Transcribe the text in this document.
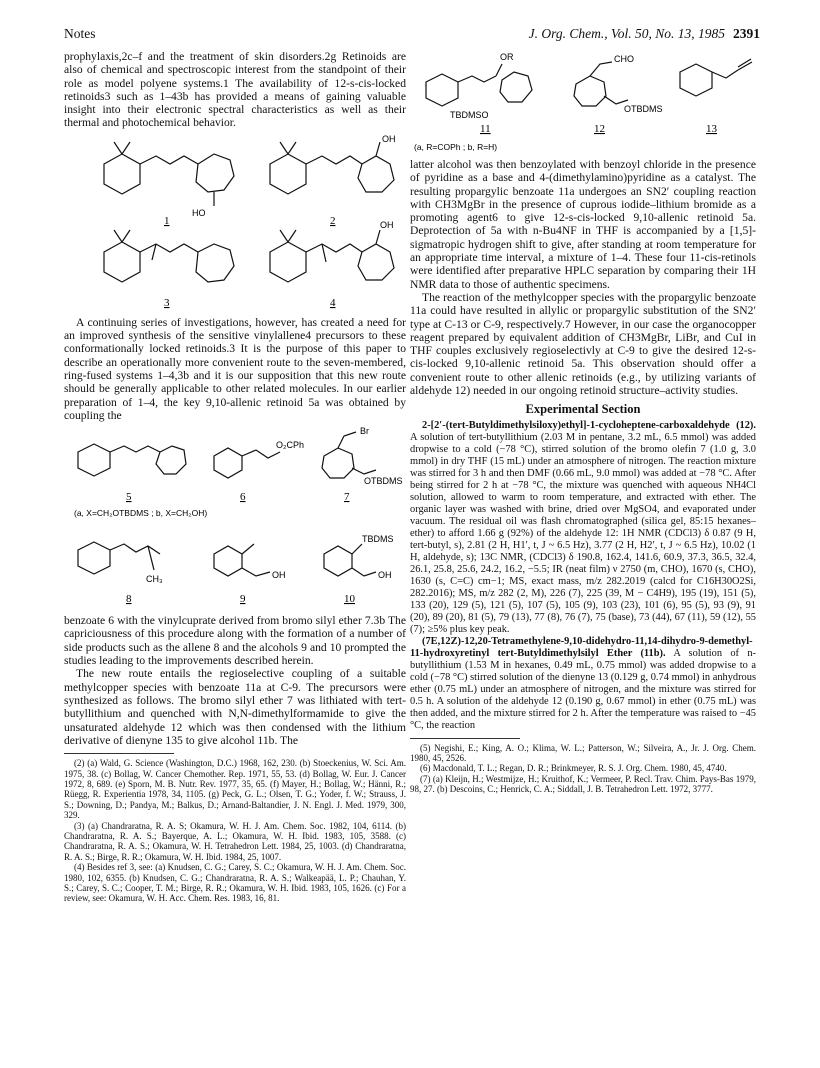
Notes	J. Org. Chem., Vol. 50, No. 13, 1985 2391

prophylaxis,2c–f and the treatment of skin disorders.2g Retinoids are also of chemical and spectroscopic interest from the standpoint of their role as model polyene systems.1 The availability of 12-s-cis-locked retinoids3 such as 1–43b has provided a means of gaining valuable insight into their electronic spectral characteristics as well as their thermal and photochemical behavior.

HO
OH
OH
1	2
3	4

A continuing series of investigations, however, has created a need for an improved synthesis of the sensitive vinylallene4 precursors to these conformationally locked retinoids.3 It is the purpose of this paper to describe an operationally more convenient route to the seven-membered, ring-fused systems 1–4,3b and it is our supposition that this new route should be generally applicable to other related molecules. In our earlier preparation of 1–4, the key 9,10-allenic retinoid 5a was obtained by coupling the

O₂CPh
Br
OTBDMS
5	6	7
(a, X=CH₂OTBDMS ; b, X=CH₂OH)
CH₃	OH
TBDMS
OH
8	9	10

benzoate 6 with the vinylcuprate derived from bromo silyl ether 7.3b The capriciousness of this procedure along with the formation of a number of side products such as the allene 8 and the alcohols 9 and 10 prompted the studies leading to the improvements described herein.

The new route entails the regioselective coupling of a suitable methylcopper species with benzoate 11a at C-9. The precursors were synthesized as follows. The bromo silyl ether 7 was lithiated with tert-butyllithium and quenched with N,N-dimethylformamide to give the unsaturated aldehyde 12 which was then condensed with the lithium derivative of dienyne 135 to give alcohol 11b. The

(2) (a) Wald, G. Science (Washington, D.C.) 1968, 162, 230. (b) Stoeckenius, W. Sci. Am. 1975, 38. (c) Bollag, W. Cancer Chemother. Rep. 1971, 55, 53. (d) Bollag, W. Eur. J. Cancer 1972, 8, 689. (e) Sporn, M. B. Nutr. Rev. 1977, 35, 65. (f) Mayer, H.; Bollag, W.; Hänni, R.; Rüegg, R. Experientia 1978, 34, 1105. (g) Peck, G. L.; Olsen, T. G.; Yoder, f. W.; Strauss, J. S.; Downing, D.; Pandya, M.; Balkus, D.; Arnand-Baltandier, J. N. Engl. J. Med. 1979, 300, 329.

(3) (a) Chandraratna, R. A. S; Okamura, W. H. J. Am. Chem. Soc. 1982, 104, 6114. (b) Chandraratna, R. A. S.; Bayerque, A. L.; Okamura, W. H. Ibid. 1983, 105, 3588. (c) Chandraratna, R. A. S.; Okamura, W. H. Tetrahedron Lett. 1984, 25, 1003. (d) Chandraratna, R. A. S.; Birge, R. R.; Okamura, W. H. Ibid. 1984, 25, 1007.

(4) Besides ref 3, see: (a) Knudsen, C. G.; Carey, S. C.; Okamura, W. H. J. Am. Chem. Soc. 1980, 102, 6355. (b) Knudsen, C. G.; Chandraratna, R. A. S.; Walkeapää, L. P.; Chauhan, Y. S.; Carey, S. C.; Cooper, T. M.; Birge, R. R.; Okamura, W. H. Ibid. 1983, 105, 1626. (c) For a review, see: Okamura, W. H. Acc. Chem. Res. 1983, 16, 81.

OR
TBDMSO
CHO
OTBDMS
11	12	13
(a, R=COPh ; b, R=H)

latter alcohol was then benzoylated with benzoyl chloride in the presence of pyridine as a base and 4-(dimethylamino)pyridine as a catalyst. The resulting propargylic benzoate 11a undergoes an SN2′ coupling reaction with CH3MgBr in the presence of cuprous iodide–lithium bromide as a promoting agent6 to give 12-s-cis-locked 9,10-allenic retinoid 5a. Deprotection of 5a with n-Bu4NF in THF is accompanied by a [1,5]-sigmatropic hydrogen shift to give, after standing at room temperature for an appropriate time interval, a mixture of 1–4. These four 11-cis-retinols were identified after preparative HPLC separation by comparing their 1H NMR data to those of authentic specimens.

The reaction of the methylcopper species with the propargylic benzoate 11a could have resulted in allylic or propargylic substitution of the SN2′ type at C-13 or C-9, respectively.7 However, in our case the organocopper reagent prepared by equivalent addition of CH3MgBr, LiBr, and CuI in THF couples exclusively regioselectivly at C-9 to give the desired 12-s-cis-locked 9,10-allenic retinoid 5a. This observation should offer a convenient route to other allenic retinoids (e.g., by utilizing variants of aldehyde 12) needed in our ongoing retinoid structure–activity studies.

Experimental Section

2-[2′-(tert-Butyldimethylsiloxy)ethyl]-1-cycloheptene-carboxaldehyde (12). A solution of tert-butyllithium (2.03 M in pentane, 3.2 mL, 6.5 mmol) was added dropwise to a cold (−78 °C), stirred solution of the bromo olefin 7 (1.0 g, 3.0 mmol) in dry THF (15 mL) under an atmosphere of nitrogen. The reaction mixture was stirred for 3 h and then DMF (0.66 mL, 9.0 mmol) was added at −78 °C. After being stirred for 2 h at −78 °C, the mixture was quenched with aqueous NH4Cl solution, allowed to warm to room temperature, and extracted with ether. The organic layer was washed with brine, dried over MgSO4, and evaporated under vacuum. The residual oil was flash chromatographed (silica gel, 85:15 hexanes–ether) to afford 1.66 g (92%) of the aldehyde 12: 1H NMR (CDCl3) δ 0.87 (9 H, tert-butyl, s), 2.81 (2 H, H1′, t, J ~ 6.5 Hz), 3.77 (2 H, H2′, t, J ~ 6.5 Hz), 10.02 (1 H, aldehyde, s); 13C NMR, (CDCl3) δ 190.8, 162.4, 141.6, 60.9, 37.3, 36.5, 32.4, 26.1, 25.8, 25.6, 24.2, 16.2, −5.5; IR (neat film) ν 2750 (m, CHO), 1670 (s, CHO), 1630 (s, C=C) cm−1; MS, exact mass, m/z 282.2019 (calcd for C16H30O2Si, 282.2016); MS, m/z 282 (2, M), 226 (7), 225 (39, M − C4H9), 195 (19), 151 (5), 133 (20), 129 (5), 121 (5), 107 (5), 105 (9), 103 (23), 101 (6), 95 (5), 93 (9), 91 (20), 89 (20), 81 (5), 79 (13), 77 (8), 76 (7), 75 (base), 73 (44), 67 (11), 59 (12), 55 (7); ≥5% plus key peak.

(7E,12Z)-12,20-Tetramethylene-9,10-didehydro-11,14-dihydro-9-demethyl-11-hydroxyretinyl tert-Butyldimethylsilyl Ether (11b). A solution of n-butyllithium (1.53 M in hexanes, 0.49 mL, 0.75 mmol) was added dropwise to a cold (−78 °C) stirred solution of the dienyne 13 (0.129 g, 0.74 mmol) in anhydrous ether (0.75 mL) under an atmosphere of nitrogen, and the mixture was stirred for 0.5 h. A solution of the aldehyde 12 (0.190 g, 0.67 mmol) in ether (0.75 mL) was then added, and the mixture stirred for 2 h. After the temperature was raised to −45 °C, the reaction

(5) Negishi, E.; King, A. O.; Klima, W. L.; Patterson, W.; Silveira, A., Jr. J. Org. Chem. 1980, 45, 2526.

(6) Macdonald, T. L.; Regan, D. R.; Brinkmeyer, R. S. J. Org. Chem. 1980, 45, 4740.

(7) (a) Kleijn, H.; Westmijze, H.; Kruithof, K.; Vermeer, P. Recl. Trav. Chim. Pays-Bas 1979, 98, 27. (b) Descoins, C.; Henrick, C. A.; Siddall, J. B. Tetrahedron Lett. 1972, 3777.
